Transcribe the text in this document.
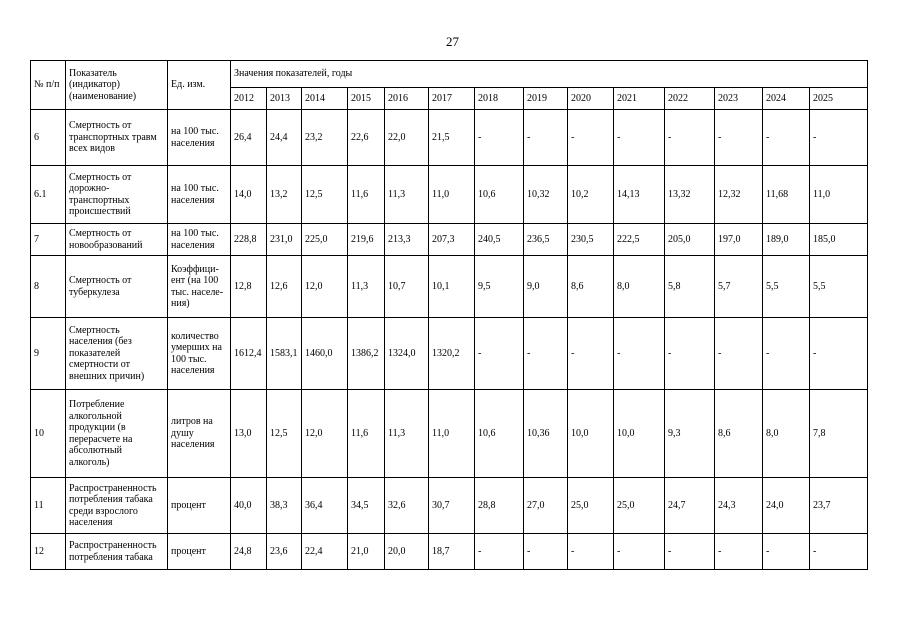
27
№ п/п	Показатель (индикатор) (наименование)	Ед. изм.	Значения показателей, годы													
			2012	2013	2014	2015	2016	2017	2018	2019	2020	2021	2022	2023	2024	2025
6	Смертность от транспортных травм всех видов	на 100 тыс. населения	26,4	24,4	23,2	22,6	22,0	21,5	-	-	-	-	-	-	-	-
6.1	Смертность от дорожно-транспортных происшествий	на 100 тыс. населения	14,0	13,2	12,5	11,6	11,3	11,0	10,6	10,32	10,2	14,13	13,32	12,32	11,68	11,0
7	Смертность от новообразований	на 100 тыс. населения	228,8	231,0	225,0	219,6	213,3	207,3	240,5	236,5	230,5	222,5	205,0	197,0	189,0	185,0
8	Смертность от туберкулеза	Коэффици-ент (на 100 тыс. населе-ния)	12,8	12,6	12,0	11,3	10,7	10,1	9,5	9,0	8,6	8,0	5,8	5,7	5,5	5,5
9	Смертность населения (без показателей смертности от внешних причин)	количество умерших на 100 тыс. населения	1612,4	1583,1	1460,0	1386,2	1324,0	1320,2	-	-	-	-	-	-	-	-
10	Потребление алкогольной продукции (в перерасчете на абсолютный алкоголь)	литров на душу населения	13,0	12,5	12,0	11,6	11,3	11,0	10,6	10,36	10,0	10,0	9,3	8,6	8,0	7,8
11	Распространенность потребления табака среди взрослого населения	процент	40,0	38,3	36,4	34,5	32,6	30,7	28,8	27,0	25,0	25,0	24,7	24,3	24,0	23,7
12	Распространенность потребления табака	процент	24,8	23,6	22,4	21,0	20,0	18,7	-	-	-	-	-	-	-	-
